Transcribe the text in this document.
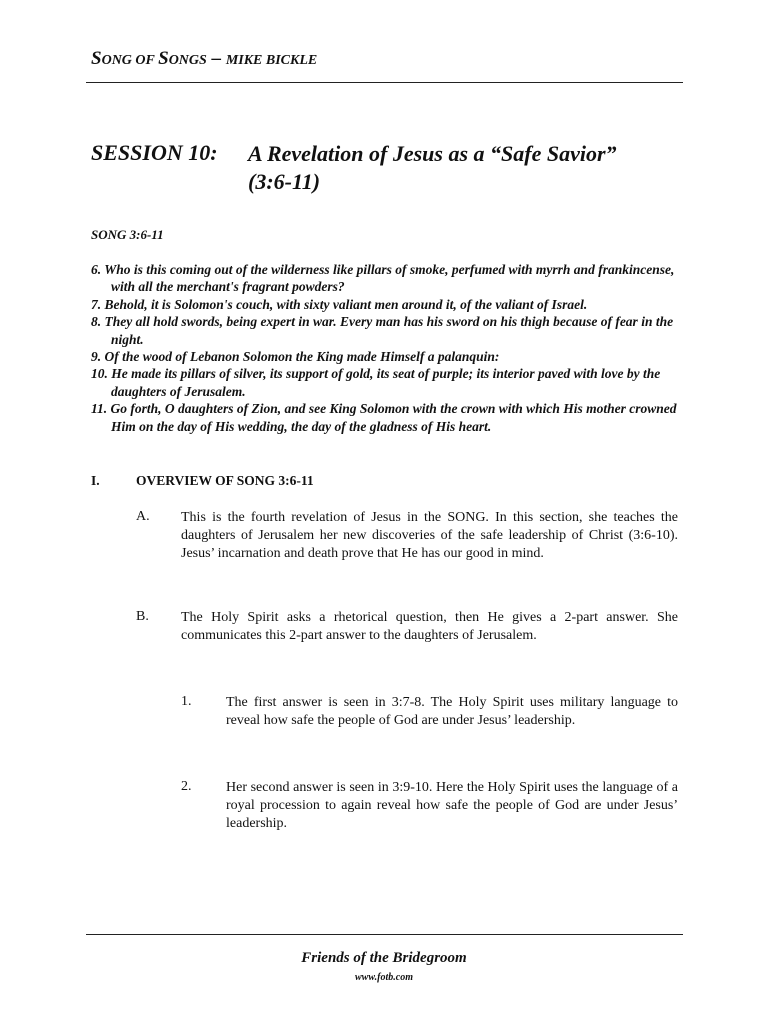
SONG OF SONGS – MIKE BICKLE
SESSION 10: A Revelation of Jesus as a “Safe Savior”
(3:6-11)
SONG 3:6-11
6. Who is this coming out of the wilderness like pillars of smoke, perfumed with myrrh and frankincense, with all the merchant's fragrant powders?
7. Behold, it is Solomon's couch, with sixty valiant men around it, of the valiant of Israel.
8. They all hold swords, being expert in war. Every man has his sword on his thigh because of fear in the night.
9. Of the wood of Lebanon Solomon the King made Himself a palanquin:
10. He made its pillars of silver, its support of gold, its seat of purple; its interior paved with love by the daughters of Jerusalem.
11. Go forth, O daughters of Zion, and see King Solomon with the crown with which His mother crowned Him on the day of His wedding, the day of the gladness of His heart.
I.	OVERVIEW OF SONG 3:6-11
A. This is the fourth revelation of Jesus in the SONG. In this section, she teaches the daughters of Jerusalem her new discoveries of the safe leadership of Christ (3:6-10). Jesus’ incarnation and death prove that He has our good in mind.
B. The Holy Spirit asks a rhetorical question, then He gives a 2-part answer. She communicates this 2-part answer to the daughters of Jerusalem.
1. The first answer is seen in 3:7-8. The Holy Spirit uses military language to reveal how safe the people of God are under Jesus’ leadership.
2. Her second answer is seen in 3:9-10. Here the Holy Spirit uses the language of a royal procession to again reveal how safe the people of God are under Jesus’ leadership.
Friends of the Bridegroom
www.fotb.com
